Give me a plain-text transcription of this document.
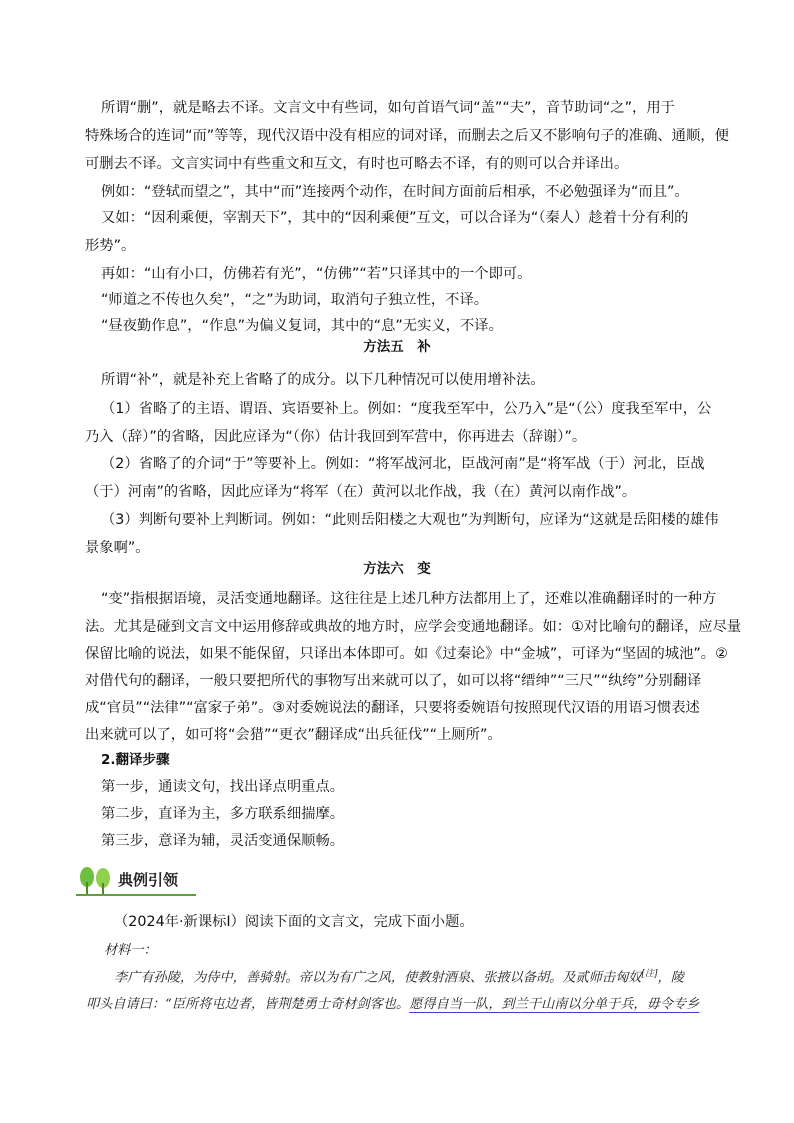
所谓“删”，就是略去不译。文言文中有些词，如句首语气词“盖”“夫”，音节助词“之”，用于
特殊场合的连词“而”等等，现代汉语中没有相应的词对译，而删去之后又不影响句子的准确、通顺，便
可删去不译。文言实词中有些重文和互文，有时也可略去不译，有的则可以合并译出。
例如：“登轼而望之”，其中“而”连接两个动作，在时间方面前后相承，不必勉强译为“而且”。
又如：“因利乘便，宰割天下”，其中的“因利乘便”互文，可以合译为“（秦人）趁着十分有利的
形势”。
再如：“山有小口，仿佛若有光”，“仿佛”“若”只译其中的一个即可。
“师道之不传也久矣”，“之”为助词，取消句子独立性，不译。
“昼夜勤作息”，“作息”为偏义复词，其中的“息”无实义，不译。
方法五　补
所谓“补”，就是补充上省略了的成分。以下几种情况可以使用增补法。
（1）省略了的主语、谓语、宾语要补上。例如：“度我至军中，公乃入”是“（公）度我至军中，公
乃入（辞）”的省略，因此应译为“（你）估计我回到军营中，你再进去（辞谢）”。
（2）省略了的介词“于”等要补上。例如：“将军战河北，臣战河南”是“将军战（于）河北，臣战
（于）河南”的省略，因此应译为“将军（在）黄河以北作战，我（在）黄河以南作战”。
（3）判断句要补上判断词。例如：“此则岳阳楼之大观也”为判断句，应译为“这就是岳阳楼的雄伟
景象啊”。
方法六　变
“变”指根据语境，灵活变通地翻译。这往往是上述几种方法都用上了，还难以准确翻译时的一种方
法。尤其是碰到文言文中运用修辞或典故的地方时，应学会变通地翻译。如：①对比喻句的翻译，应尽量
保留比喻的说法，如果不能保留，只译出本体即可。如《过秦论》中“金城”，可译为“坚固的城池”。②
对借代句的翻译，一般只要把所代的事物写出来就可以了，如可以将“缙绅”“三尺”“纨绔”分别翻译
成“官员”“法律”“富家子弟”。③对委婉说法的翻译，只要将委婉语句按照现代汉语的用语习惯表述
出来就可以了，如可将“会猎”“更衣”翻译成“出兵征伐”“上厕所”。
2.翻译步骤
第一步，通读文句，找出译点明重点。
第二步，直译为主，多方联系细揣摩。
第三步，意译为辅，灵活变通保顺畅。
典例引领
（2024年·新课标Ⅰ）阅读下面的文言文，完成下面小题。
材料一：
李广有孙陵，为侍中，善骑射。帝以为有广之风，使教射酒泉、张掖以备胡。及贰师击匈奴[注]，陵
叩头自请曰：“臣所将屯边者，皆荆楚勇士奇材剑客也。愿得自当一队，到兰干山南以分单于兵，毋令专乡
